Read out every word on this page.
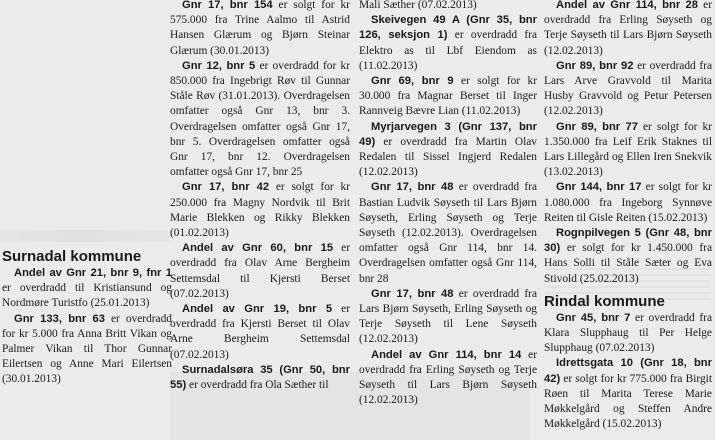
Surnadal kommune

Andel av Gnr 21, bnr 9, fnr 1 er overdradd til Kristiansund og Nordmøre Turistfo (25.01.2013)

Gnr 133, bnr 63 er overdradd for kr 5.000 fra Anna Britt Vikan og Palmer Vikan til Thor Gunnar Eilertsen og Anne Mari Eilertsen (30.01.2013)

Gnr 17, bnr 154 er solgt for kr 575.000 fra Trine Aalmo til Astrid Hansen Glærum og Bjørn Steinar Glærum (30.01.2013)

Gnr 12, bnr 5 er overdradd for kr 850.000 fra Ingebrigt Røv til Gunnar Ståle Røv (31.01.2013). Overdragelsen omfatter også Gnr 13, bnr 3. Overdragelsen omfatter også Gnr 17, bnr 5. Overdragelsen omfatter også Gnr 17, bnr 12. Overdragelsen omfatter også Gnr 17, bnr 25

Gnr 17, bnr 42 er solgt for kr 250.000 fra Magny Nordvik til Brit Marie Blekken og Rikky Blekken (01.02.2013)

Andel av Gnr 60, bnr 15 er overdradd fra Olav Arne Bergheim Settemsdal til Kjersti Berset (07.02.2013)

Andel av Gnr 19, bnr 5 er overdradd fra Kjersti Berset til Olav Arne Bergheim Settemsdal (07.02.2013)

Surnadalsøra 35 (Gnr 50, bnr 55) er overdradd fra Ola Sæther til

Mali Sæther (07.02.2013)

Skeivegen 49 A (Gnr 35, bnr 126, seksjon 1) er overdradd fra Elektro as til Lbf Eiendom as (11.02.2013)

Gnr 69, bnr 9 er solgt for kr 30.000 fra Magnar Berset til Inger Rannveig Bævre Lian (11.02.2013)

Myrjarvegen 3 (Gnr 137, bnr 49) er overdradd fra Martin Olav Redalen til Sissel Ingjerd Redalen (12.02.2013)

Gnr 17, bnr 48 er overdradd fra Bastian Ludvik Søyseth til Lars Bjørn Søyseth, Erling Søyseth og Terje Søyseth (12.02.2013). Overdragelsen omfatter også Gnr 114, bnr 14. Overdragelsen omfatter også Gnr 114, bnr 28

Gnr 17, bnr 48 er overdradd fra Lars Bjørn Søyseth, Erling Søyseth og Terje Søyseth til Lene Søyseth (12.02.2013)

Andel av Gnr 114, bnr 14 er overdradd fra Erling Søyseth og Terje Søyseth til Lars Bjørn Søyseth (12.02.2013)

Andel av Gnr 114, bnr 28 er overdradd fra Erling Søyseth og Terje Søyseth til Lars Bjørn Søyseth (12.02.2013)

Gnr 89, bnr 92 er overdradd fra Lars Arve Gravvold til Marita Husby Gravvold og Petur Petersen (12.02.2013)

Gnr 89, bnr 77 er solgt for kr 1.350.000 fra Leif Erik Staknes til Lars Lillegård og Ellen Iren Snekvik (13.02.2013)

Gnr 144, bnr 17 er solgt for kr 1.080.000 fra Ingeborg Synnøve Reiten til Gisle Reiten (15.02.2013)

Rognpilvegen 5 (Gnr 48, bnr 30) er solgt for kr 1.450.000 fra Hans Solli til Ståle Sæter og Eva Stivold (25.02.2013)

Rindal kommune

Gnr 45, bnr 7 er overdradd fra Klara Slupphaug til Per Helge Slupphaug (07.02.2013)

Idrettsgata 10 (Gnr 18, bnr 42) er solgt for kr 775.000 fra Birgit Røen til Marita Terese Marie Møkkelgård og Steffen Andre Møkkelgård (15.02.2013)
